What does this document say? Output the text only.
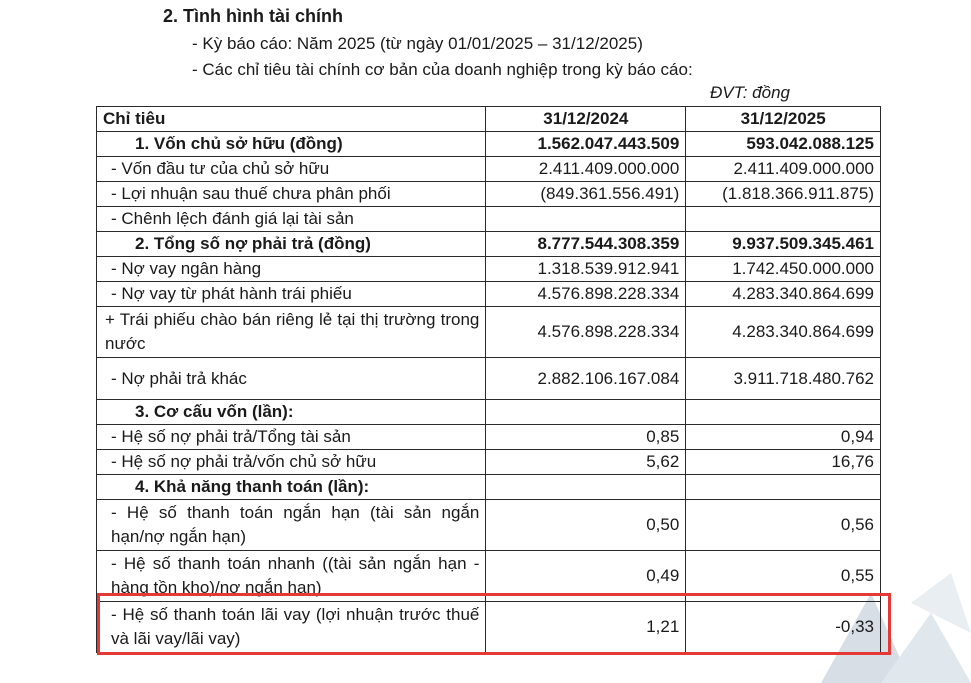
2. Tình hình tài chính
- Kỳ báo cáo: Năm 2025 (từ ngày 01/01/2025 – 31/12/2025)
- Các chỉ tiêu tài chính cơ bản của doanh nghiệp trong kỳ báo cáo:
ĐVT: đồng
Chỉ tiêu	31/12/2024	31/12/2025
1. Vốn chủ sở hữu (đồng)	1.562.047.443.509	593.042.088.125
- Vốn đầu tư của chủ sở hữu	2.411.409.000.000	2.411.409.000.000
- Lợi nhuận sau thuế chưa phân phối	(849.361.556.491)	(1.818.366.911.875)
- Chênh lệch đánh giá lại tài sản		
2. Tổng số nợ phải trả (đồng)	8.777.544.308.359	9.937.509.345.461
- Nợ vay ngân hàng	1.318.539.912.941	1.742.450.000.000
- Nợ vay từ phát hành trái phiếu	4.576.898.228.334	4.283.340.864.699
+ Trái phiếu chào bán riêng lẻ tại thị trường trong nước	4.576.898.228.334	4.283.340.864.699
- Nợ phải trả khác	2.882.106.167.084	3.911.718.480.762
3. Cơ cấu vốn (lần):		
- Hệ số nợ phải trả/Tổng tài sản	0,85	0,94
- Hệ số nợ phải trả/vốn chủ sở hữu	5,62	16,76
4. Khả năng thanh toán (lần):		
- Hệ số thanh toán ngắn hạn (tài sản ngắn hạn/nợ ngắn hạn)	0,50	0,56
- Hệ số thanh toán nhanh ((tài sản ngắn hạn - hàng tồn kho)/nợ ngắn hạn)	0,49	0,55
- Hệ số thanh toán lãi vay (lợi nhuận trước thuế và lãi vay/lãi vay)	1,21	-0,33
